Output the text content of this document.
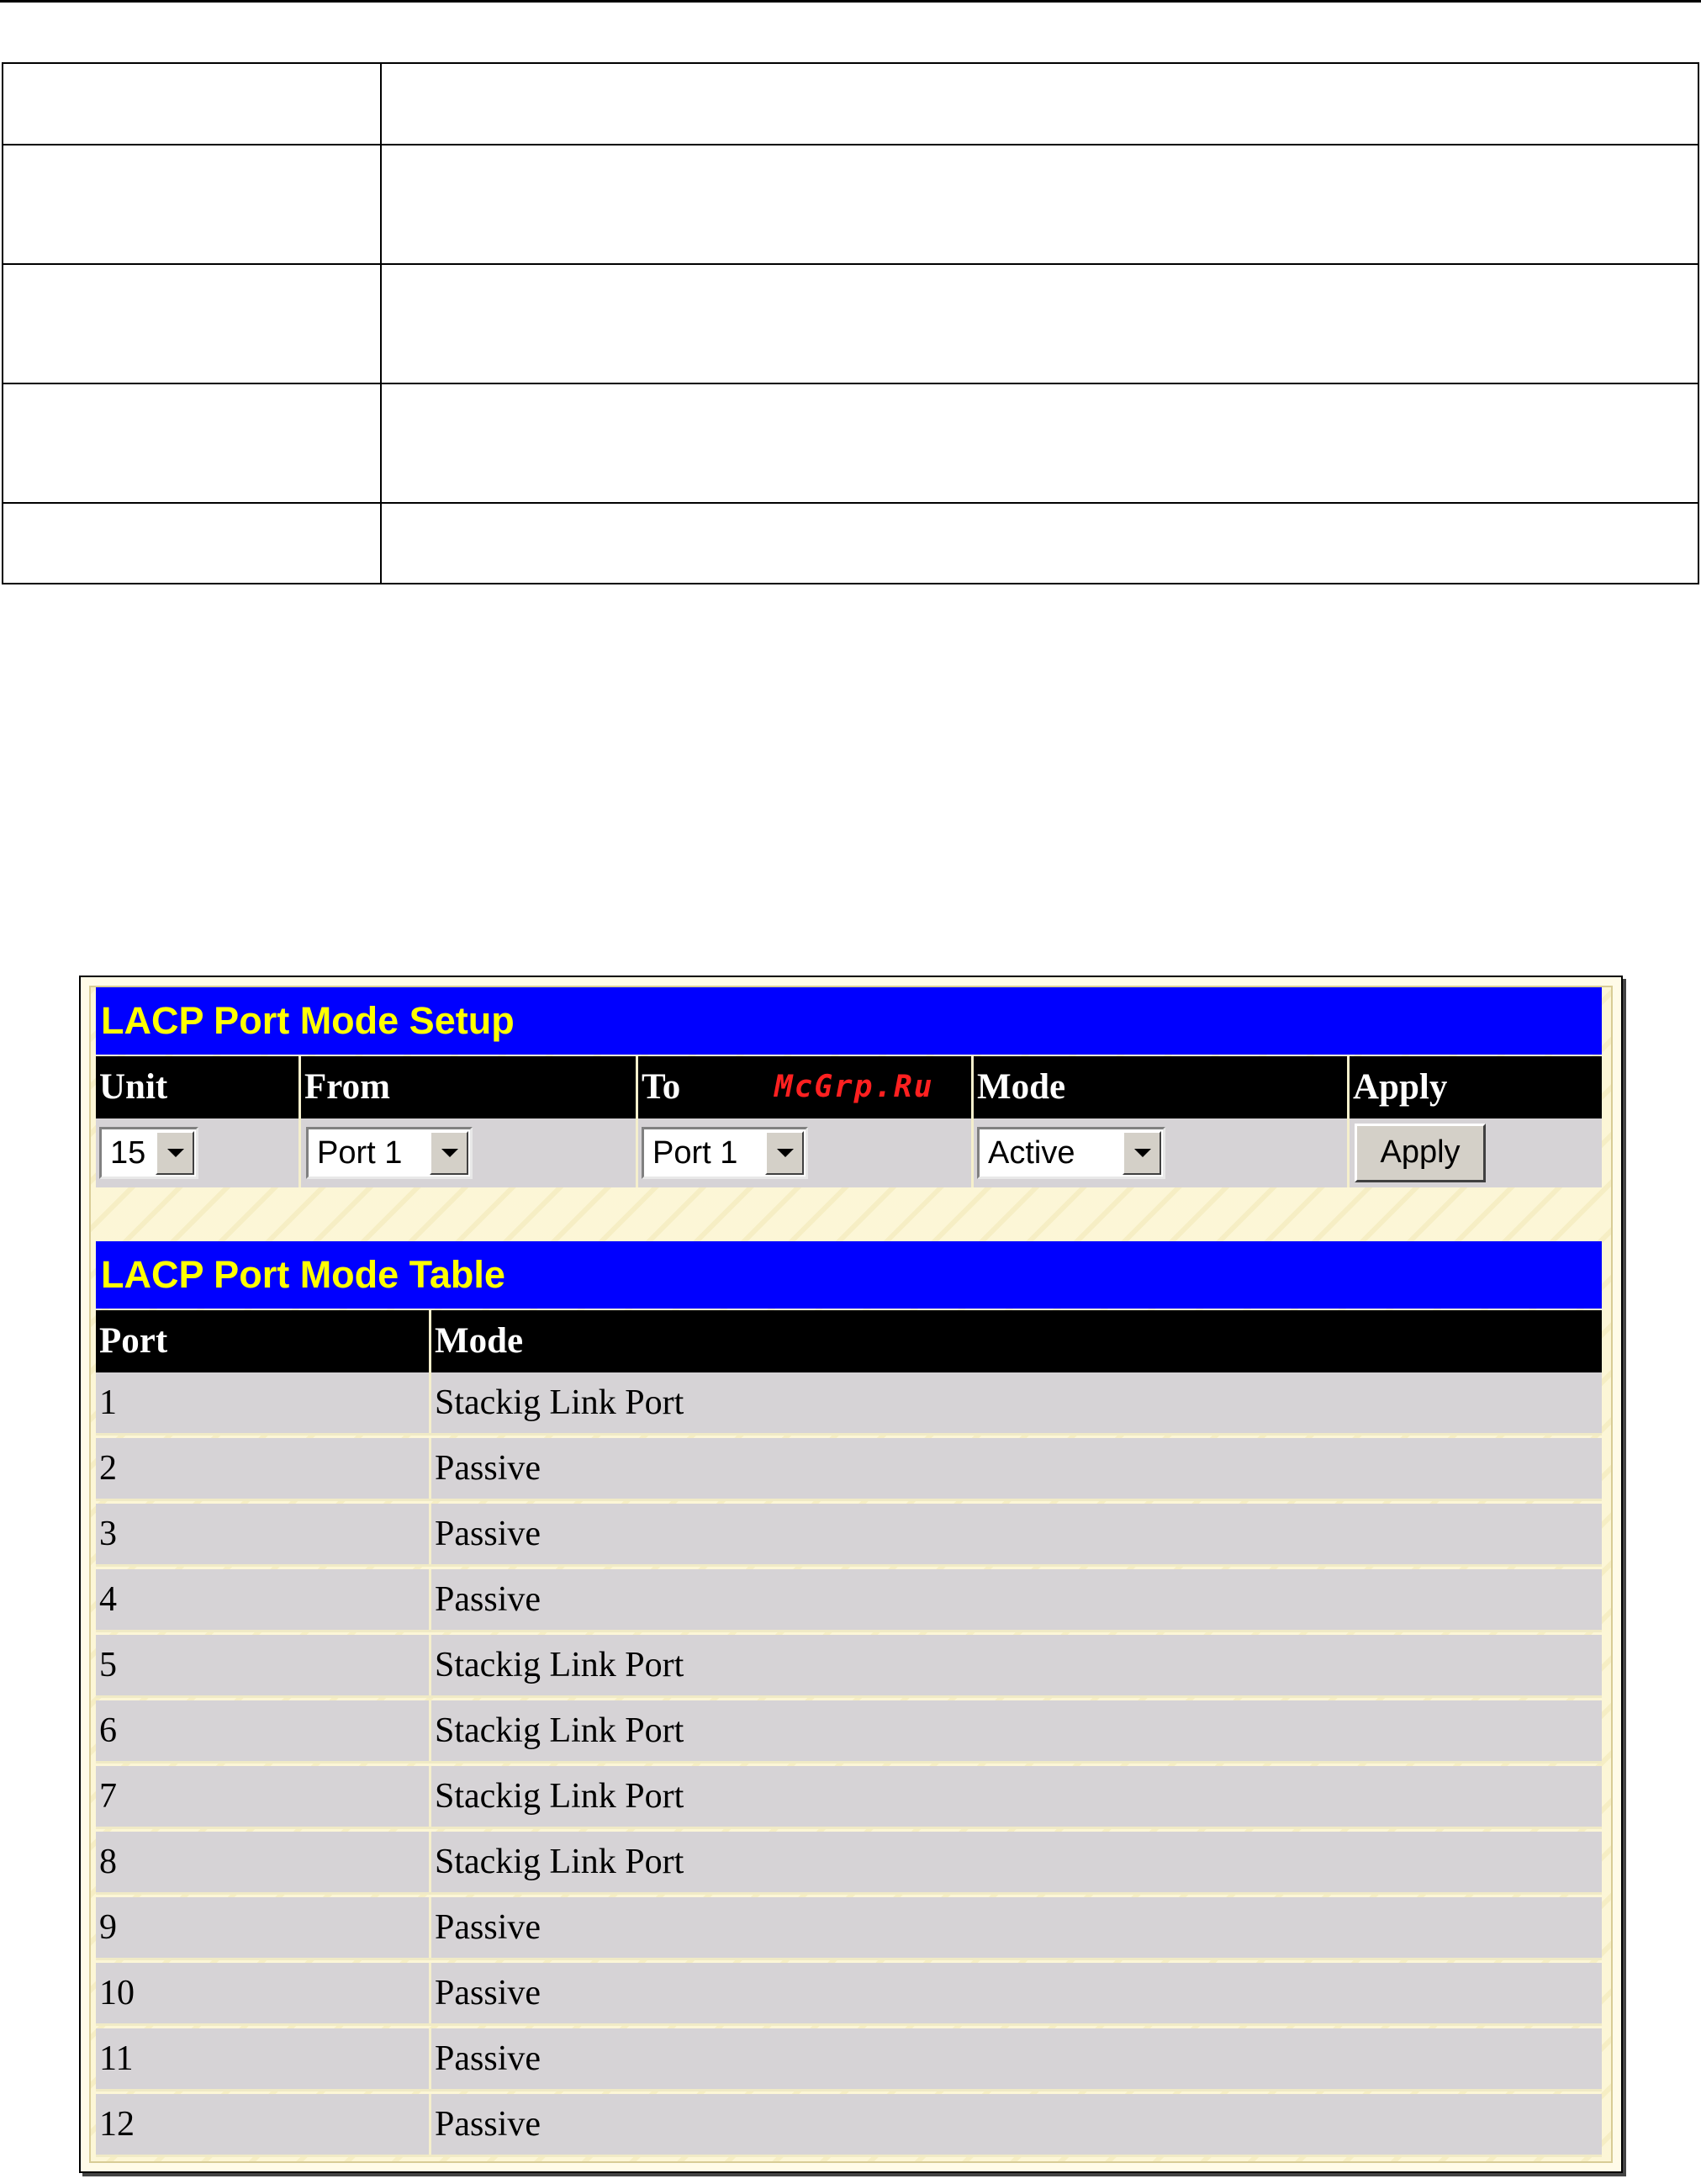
LACP Port Mode Setup
Unit	From	To	McGrp.Ru Mode	Apply
15	Port 1	Port 1	Active	Apply
LACP Port Mode Table
Port	Mode
1	Stackig Link Port
2	Passive
3	Passive
4	Passive
5	Stackig Link Port
6	Stackig Link Port
7	Stackig Link Port
8	Stackig Link Port
9	Passive
10	Passive
11	Passive
12	Passive
